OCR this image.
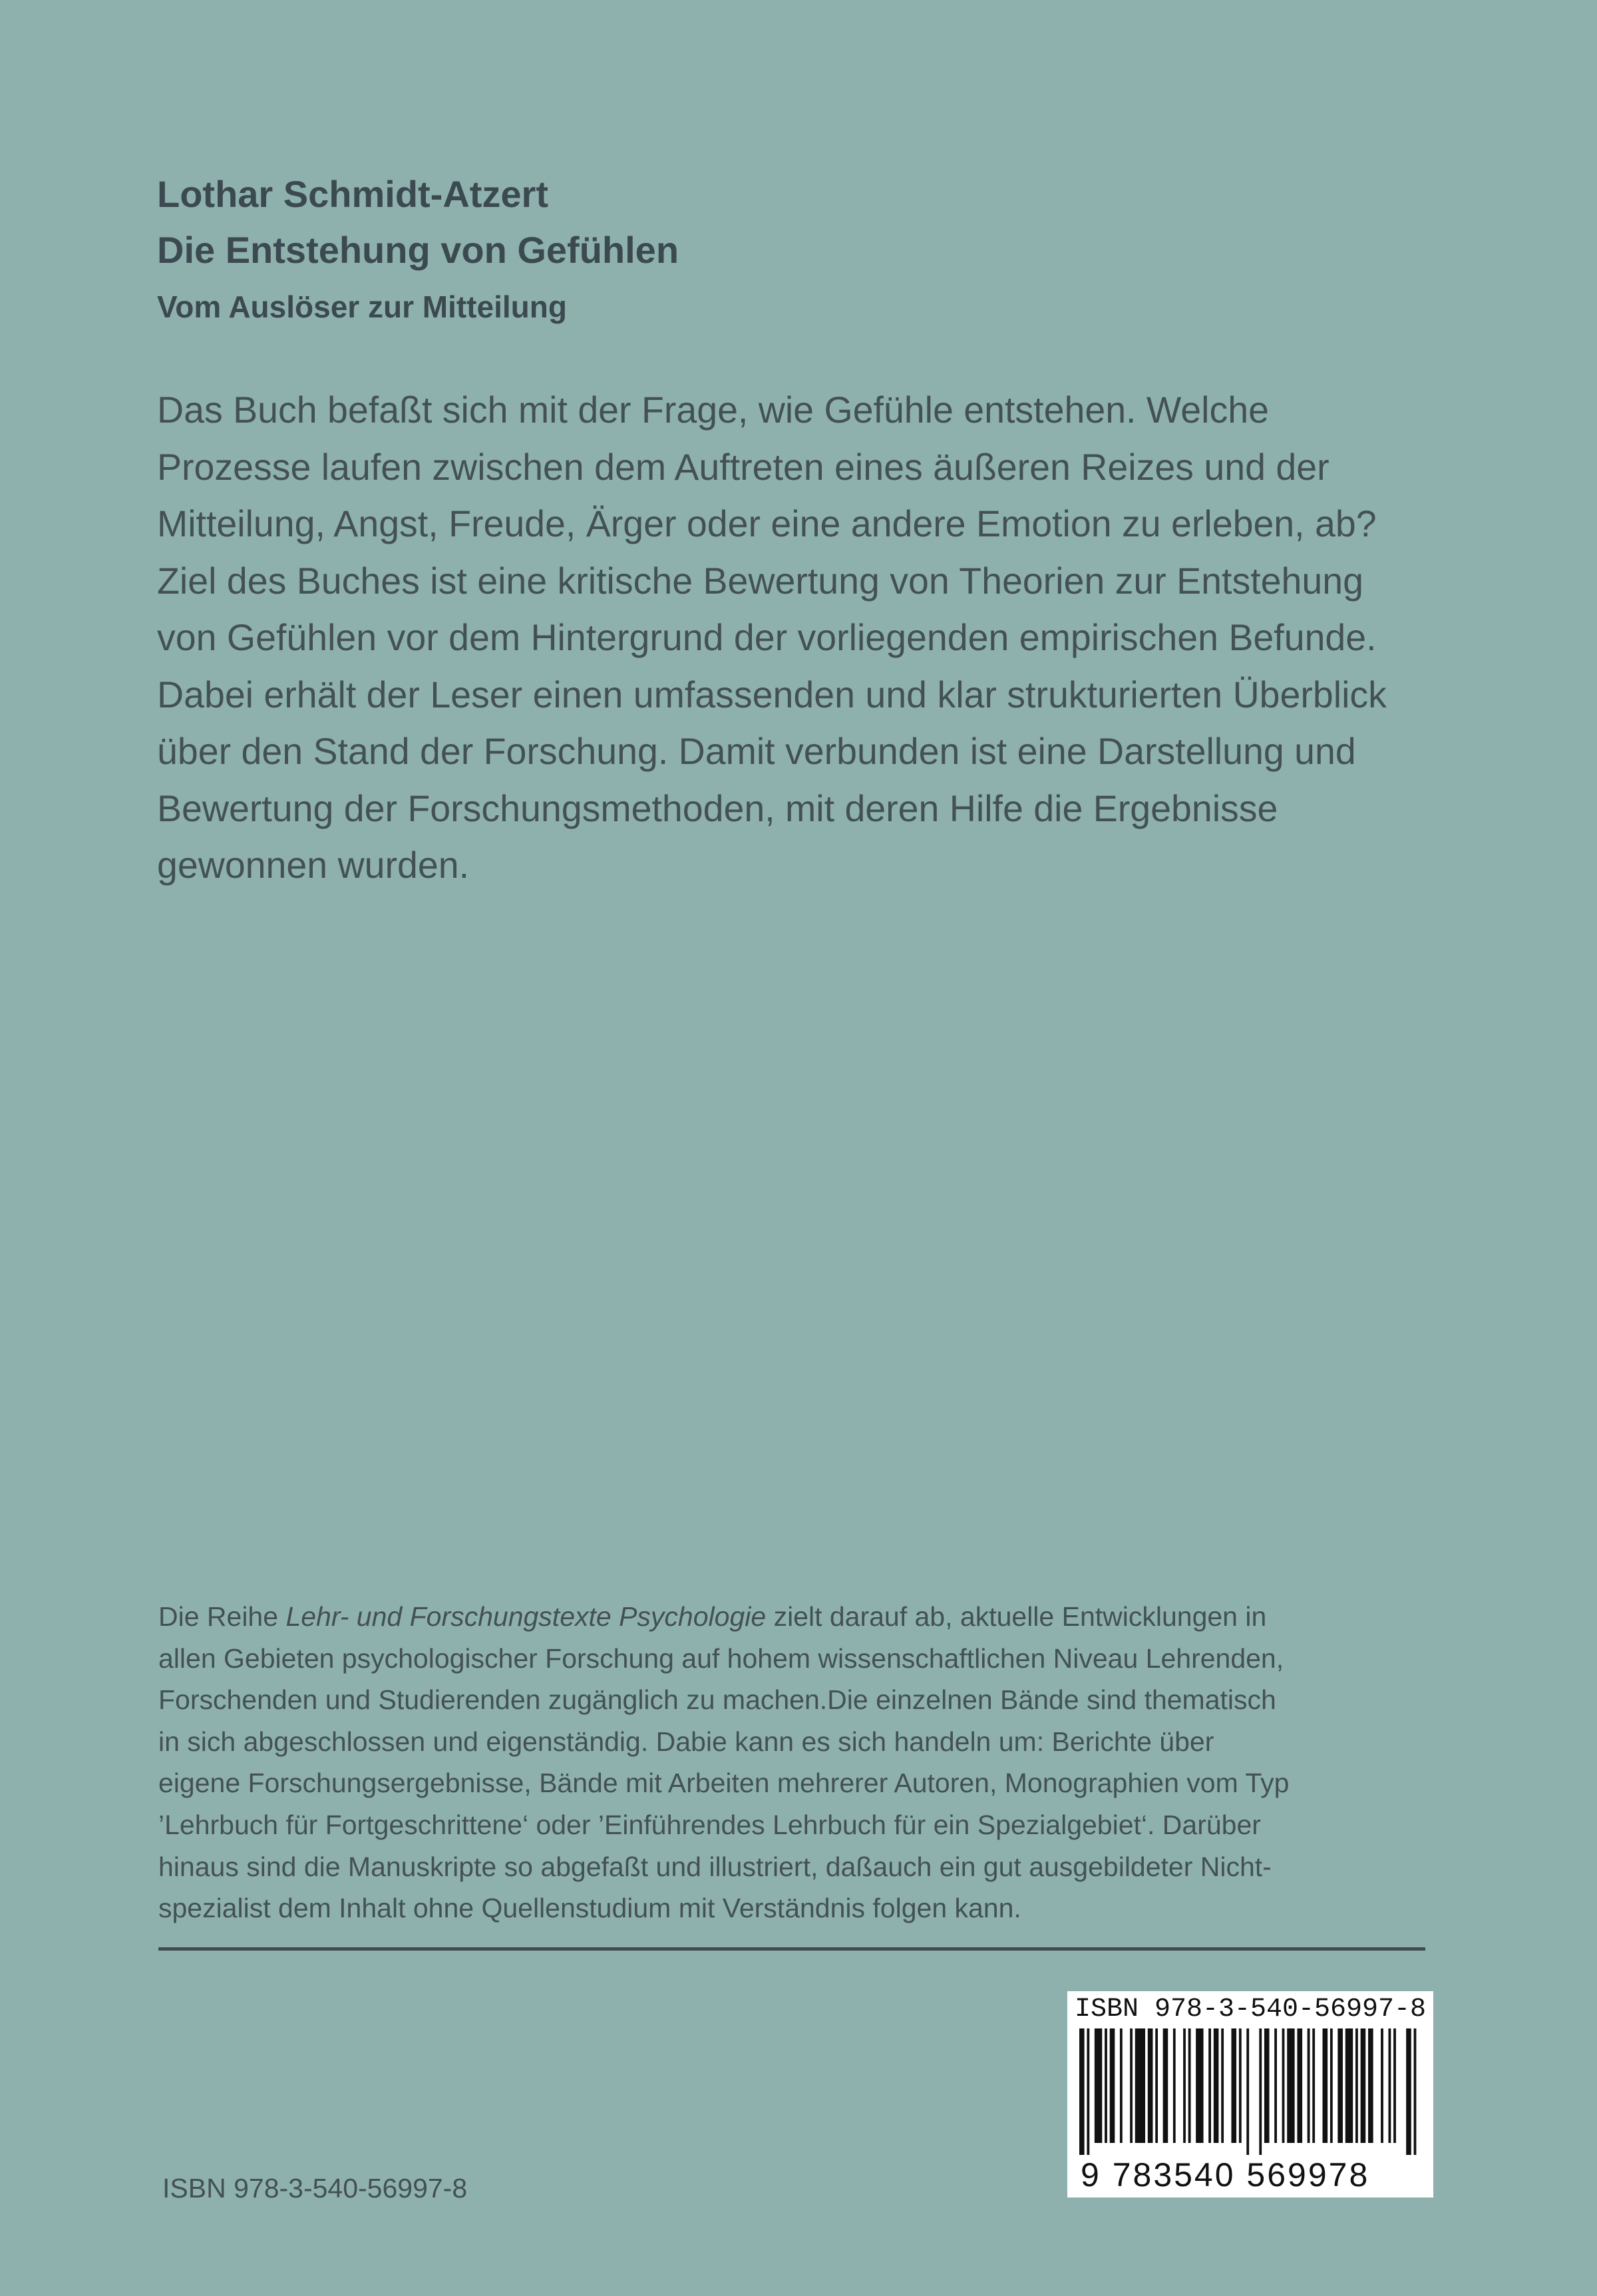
Lothar Schmidt-Atzert
Die Entstehung von Gefühlen
Vom Auslöser zur Mitteilung

Das Buch befaßt sich mit der Frage, wie Gefühle entstehen. Welche Prozesse laufen zwischen dem Auftreten eines äußeren Reizes und der Mitteilung, Angst, Freude, Ärger oder eine andere Emotion zu erleben, ab?

Ziel des Buches ist eine kritische Bewertung von Theorien zur Entstehung von Gefühlen vor dem Hintergrund der vorliegenden empirischen Befunde. Dabei erhält der Leser einen umfassenden und klar strukturierten Überblick über den Stand der Forschung. Damit verbunden ist eine Darstellung und Bewertung der Forschungsmethoden, mit deren Hilfe die Ergebnisse gewonnen wurden.

Die Reihe Lehr- und Forschungstexte Psychologie zielt darauf ab, aktuelle Entwicklungen in
allen Gebieten psychologischer Forschung auf hohem wissenschaftlichen Niveau Lehrenden,
Forschenden und Studierenden zugänglich zu machen.Die einzelnen Bände sind thematisch
in sich abgeschlossen und eigenständig. Dabie kann es sich handeln um: Berichte über
eigene Forschungsergebnisse, Bände mit Arbeiten mehrerer Autoren, Monographien vom Typ
’Lehrbuch für Fortgeschrittene‘ oder ’Einführendes Lehrbuch für ein Spezialgebiet‘. Darüber
hinaus sind die Manuskripte so abgefaßt und illustriert, daßauch ein gut ausgebildeter Nicht-
spezialist dem Inhalt ohne Quellenstudium mit Verständnis folgen kann.
ISBN 978-3-540-56997-8
ISBN 978-3-540-56997-8
9 783540 569978
